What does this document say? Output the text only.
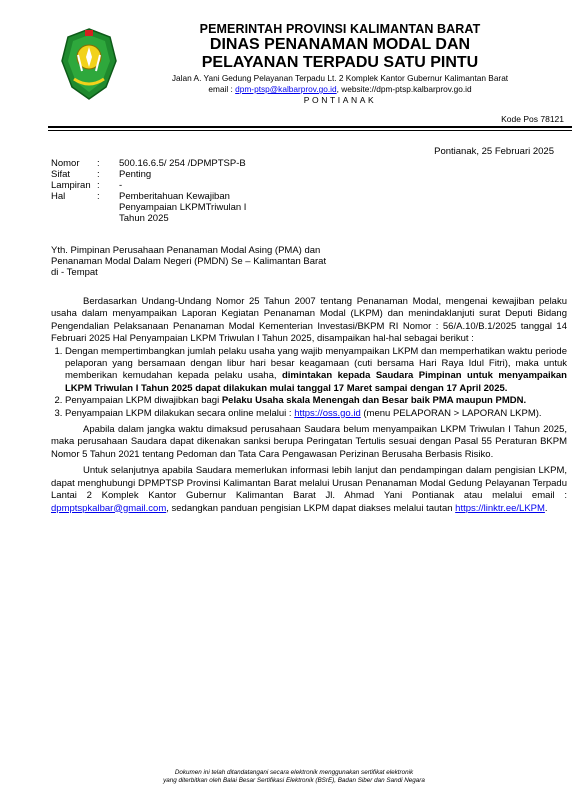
PEMERINTAH PROVINSI KALIMANTAN BARAT
DINAS PENANAMAN MODAL DAN
PELAYANAN TERPADU SATU PINTU
Jalan A. Yani Gedung Pelayanan Terpadu Lt. 2 Komplek Kantor Gubernur Kalimantan Barat
email : dpm-ptsp@kalbarprov.go.id, website://dpm-ptsp.kalbarprov.go.id
PONTIANAK
Kode Pos 78121
Pontianak, 25 Februari 2025
Nomor	:	500.16.6.5/ 254 /DPMPTSP-B
Sifat	:	Penting
Lampiran	:	-
Hal	:	Pemberitahuan Kewajiban
Penyampaian LKPMTriwulan I
Tahun 2025
Yth. Pimpinan Perusahaan Penanaman Modal Asing (PMA) dan
Penanaman Modal Dalam Negeri (PMDN) Se – Kalimantan Barat
di - Tempat

Berdasarkan Undang-Undang Nomor 25 Tahun 2007 tentang Penanaman Modal, mengenai kewajiban pelaku usaha dalam menyampaikan Laporan Kegiatan Penanaman Modal (LKPM) dan menindaklanjuti surat Deputi Bidang Pengendalian Pelaksanaan Penanaman Modal Kementerian Investasi/BKPM RI Nomor : 56/A.10/B.1/2025 tanggal 14 Februari 2025 Hal Penyampaian LKPM Triwulan I Tahun 2025, disampaikan hal-hal sebagai berikut :

1. Dengan mempertimbangkan jumlah pelaku usaha yang wajib menyampaikan LKPM dan memperhatikan waktu periode pelaporan yang bersamaan dengan libur hari besar keagamaan (cuti bersama Hari Raya Idul Fitri), maka untuk memberikan kemudahan kepada pelaku usaha, dimintakan kepada Saudara Pimpinan untuk menyampaikan LKPM Triwulan I Tahun 2025 dapat dilakukan mulai tanggal 17 Maret sampai dengan 17 April 2025.
2. Penyampaian LKPM diwajibkan bagi Pelaku Usaha skala Menengah dan Besar baik PMA maupun PMDN.
3. Penyampaian LKPM dilakukan secara online melalui : https://oss.go.id (menu PELAPORAN > LAPORAN LKPM).

Apabila dalam jangka waktu dimaksud perusahaan Saudara belum menyampaikan LKPM Triwulan I Tahun 2025, maka perusahaan Saudara dapat dikenakan sanksi berupa Peringatan Tertulis sesuai dengan Pasal 55 Peraturan BKPM Nomor 5 Tahun 2021 tentang Pedoman dan Tata Cara Pengawasan Perizinan Berusaha Berbasis Risiko.

Untuk selanjutnya apabila Saudara memerlukan informasi lebih lanjut dan pendampingan dalam pengisian LKPM, dapat menghubungi DPMPTSP Provinsi Kalimantan Barat melalui Urusan Penanaman Modal Gedung Pelayanan Terpadu Lantai 2 Komplek Kantor Gubernur Kalimantan Barat Jl. Ahmad Yani Pontianak atau melalui email : dpmptspkalbar@gmail.com, sedangkan panduan pengisian LKPM dapat diakses melalui tautan https://linktr.ee/LKPM.

Dokumen ini telah ditandatangani secara elektronik menggunakan sertifikat elektronik
yang diterbitkan oleh Balai Besar Sertifikasi Elektronik (BSrE), Badan Siber dan Sandi Negara
